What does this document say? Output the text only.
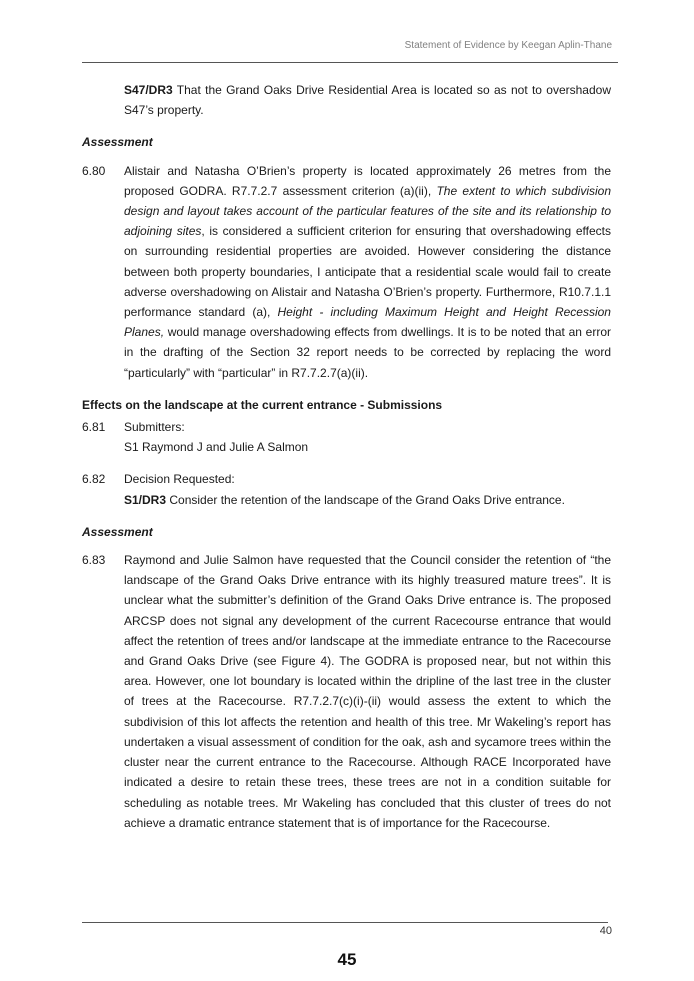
Statement of Evidence by Keegan Aplin-Thane
S47/DR3 That the Grand Oaks Drive Residential Area is located so as not to overshadow S47’s property.
Assessment
6.80	Alistair and Natasha O’Brien’s property is located approximately 26 metres from the proposed GODRA. R7.7.2.7 assessment criterion (a)(ii), The extent to which subdivision design and layout takes account of the particular features of the site and its relationship to adjoining sites, is considered a sufficient criterion for ensuring that overshadowing effects on surrounding residential properties are avoided. However considering the distance between both property boundaries, I anticipate that a residential scale would fail to create adverse overshadowing on Alistair and Natasha O’Brien’s property. Furthermore, R10.7.1.1 performance standard (a), Height - including Maximum Height and Height Recession Planes, would manage overshadowing effects from dwellings. It is to be noted that an error in the drafting of the Section 32 report needs to be corrected by replacing the word “particularly” with “particular” in R7.7.2.7(a)(ii).
Effects on the landscape at the current entrance - Submissions
6.81	Submitters:
S1 Raymond J and Julie A Salmon
6.82	Decision Requested:
S1/DR3 Consider the retention of the landscape of the Grand Oaks Drive entrance.
Assessment
6.83	Raymond and Julie Salmon have requested that the Council consider the retention of “the landscape of the Grand Oaks Drive entrance with its highly treasured mature trees”. It is unclear what the submitter’s definition of the Grand Oaks Drive entrance is. The proposed ARCSP does not signal any development of the current Racecourse entrance that would affect the retention of trees and/or landscape at the immediate entrance to the Racecourse and Grand Oaks Drive (see Figure 4). The GODRA is proposed near, but not within this area. However, one lot boundary is located within the dripline of the last tree in the cluster of trees at the Racecourse. R7.7.2.7(c)(i)-(ii) would assess the extent to which the subdivision of this lot affects the retention and health of this tree. Mr Wakeling’s report has undertaken a visual assessment of condition for the oak, ash and sycamore trees within the cluster near the current entrance to the Racecourse. Although RACE Incorporated have indicated a desire to retain these trees, these trees are not in a condition suitable for scheduling as notable trees. Mr Wakeling has concluded that this cluster of trees do not achieve a dramatic entrance statement that is of importance for the Racecourse.
40
45
